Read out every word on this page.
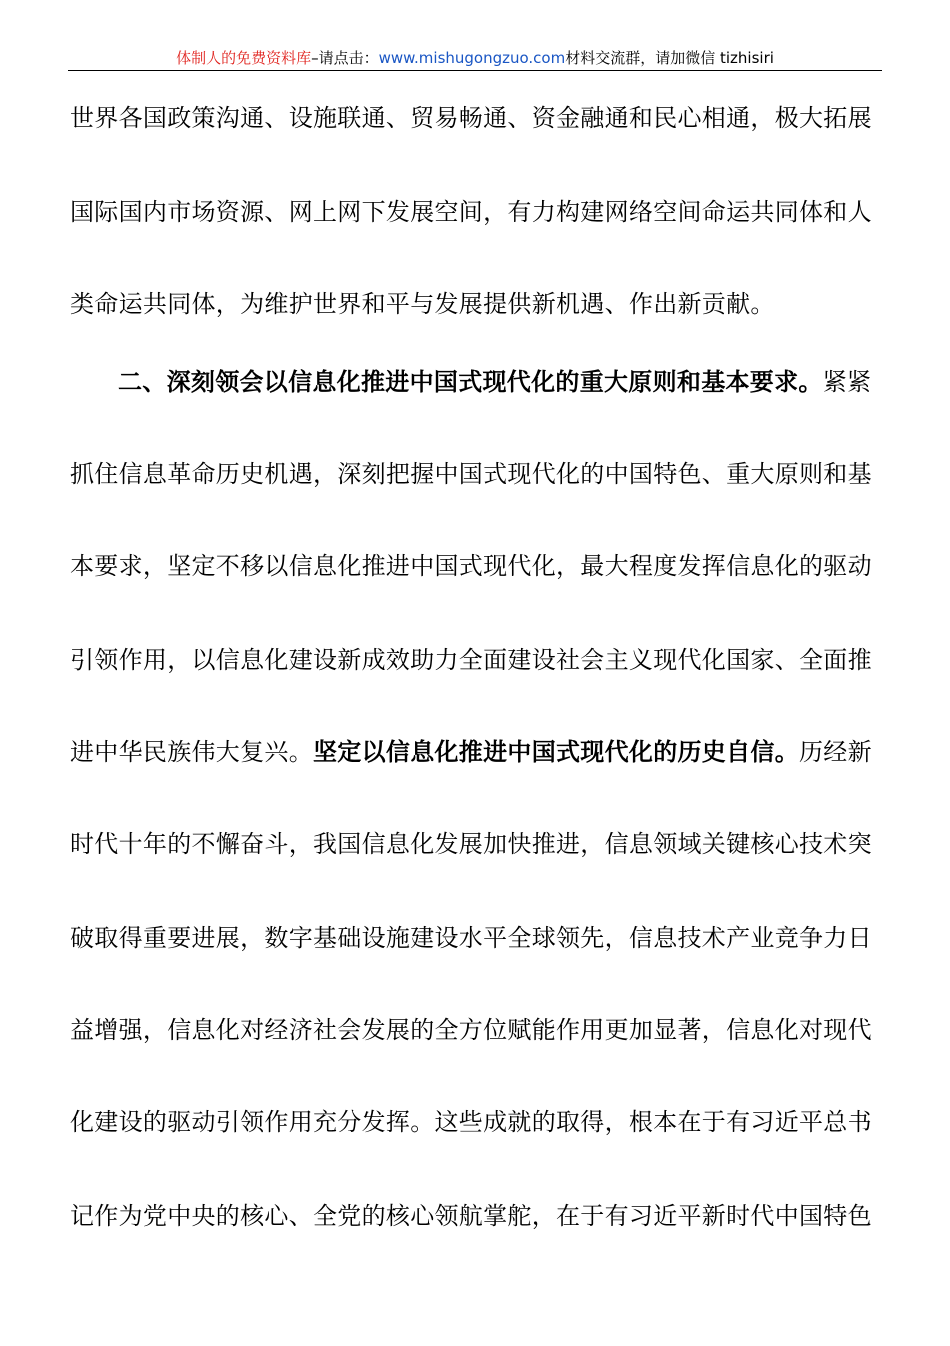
体制人的免费资料库–请点击：www.mishugongzuo.com材料交流群，请加微信 tizhisiri
世界各国政策沟通、设施联通、贸易畅通、资金融通和民心相通，极大拓展
国际国内市场资源、网上网下发展空间，有力构建网络空间命运共同体和人
类命运共同体，为维护世界和平与发展提供新机遇、作出新贡献。
二、深刻领会以信息化推进中国式现代化的重大原则和基本要求。紧紧
抓住信息革命历史机遇，深刻把握中国式现代化的中国特色、重大原则和基
本要求，坚定不移以信息化推进中国式现代化，最大程度发挥信息化的驱动
引领作用，以信息化建设新成效助力全面建设社会主义现代化国家、全面推
进中华民族伟大复兴。坚定以信息化推进中国式现代化的历史自信。历经新
时代十年的不懈奋斗，我国信息化发展加快推进，信息领域关键核心技术突
破取得重要进展，数字基础设施建设水平全球领先，信息技术产业竞争力日
益增强，信息化对经济社会发展的全方位赋能作用更加显著，信息化对现代
化建设的驱动引领作用充分发挥。这些成就的取得，根本在于有习近平总书
记作为党中央的核心、全党的核心领航掌舵，在于有习近平新时代中国特色
